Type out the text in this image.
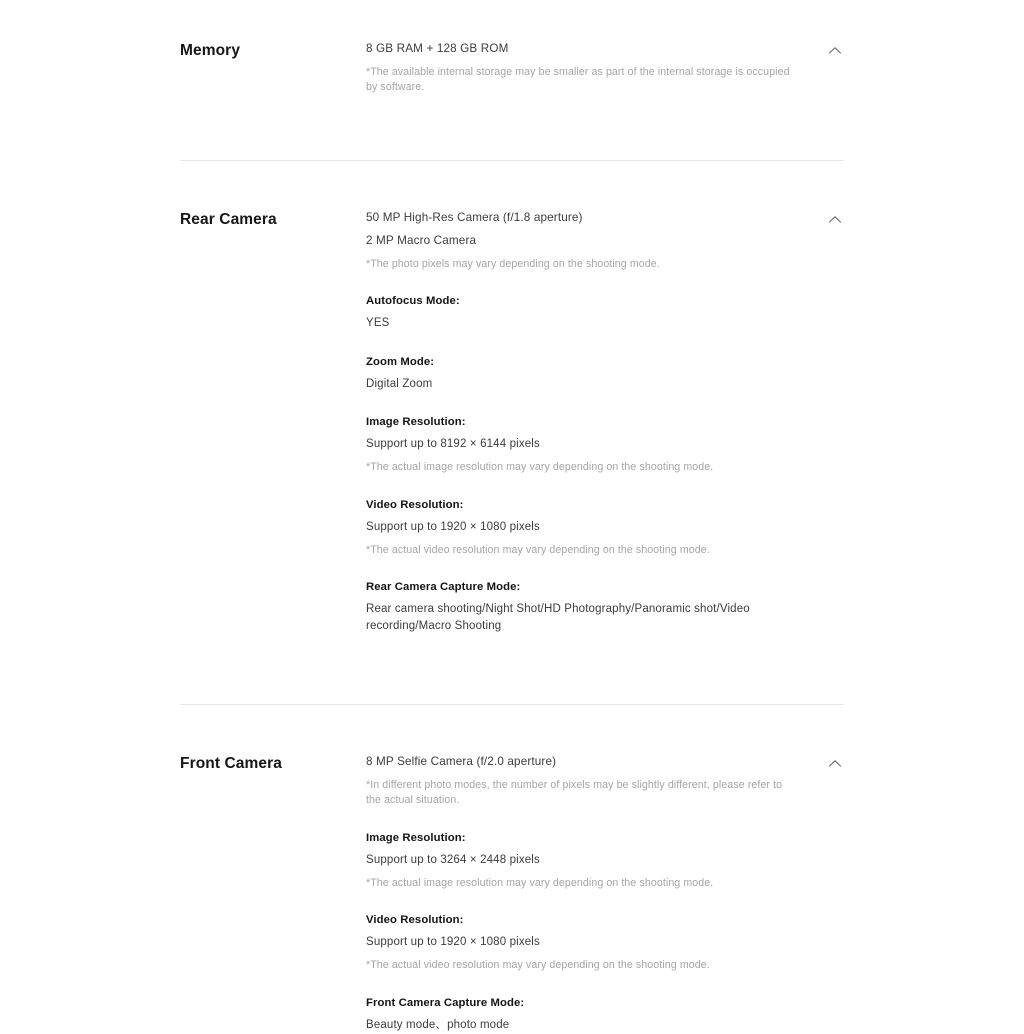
Memory	8 GB RAM + 128 GB ROM
*The available internal storage may be smaller as part of the internal storage is occupied by software.
Rear Camera	50 MP High-Res Camera (f/1.8 aperture)
2 MP Macro Camera
*The photo pixels may vary depending on the shooting mode.
Autofocus Mode:
YES
Zoom Mode:
Digital Zoom
Image Resolution:
Support up to 8192 × 6144 pixels
*The actual image resolution may vary depending on the shooting mode.
Video Resolution:
Support up to 1920 × 1080 pixels
*The actual video resolution may vary depending on the shooting mode.
Rear Camera Capture Mode:
Rear camera shooting/Night Shot/HD Photography/Panoramic shot/Video recording/Macro Shooting
Front Camera	8 MP Selfie Camera (f/2.0 aperture)
*In different photo modes, the number of pixels may be slightly different, please refer to the actual situation.
Image Resolution:
Support up to 3264 × 2448 pixels
*The actual image resolution may vary depending on the shooting mode.
Video Resolution:
Support up to 1920 × 1080 pixels
*The actual video resolution may vary depending on the shooting mode.
Front Camera Capture Mode:
Beauty mode、photo mode
